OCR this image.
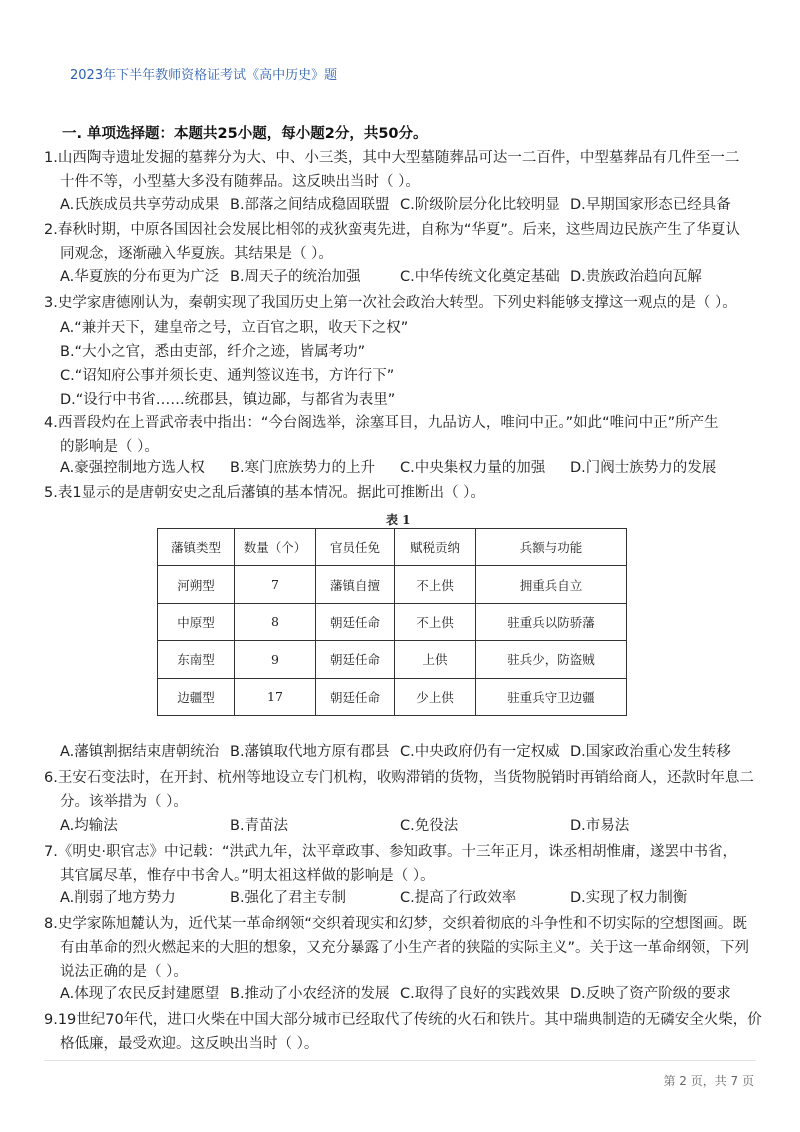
2023年下半年教师资格证考试《高中历史》题
一. 单项选择题：本题共25小题，每小题2分，共50分。

1.山西陶寺遗址发掘的墓葬分为大、中、小三类，其中大型墓随葬品可达一二百件，中型墓葬品有几件至一二

十件不等，小型墓大多没有随葬品。这反映出当时（ ）。

A.氏族成员共享劳动成果 B.部落之间结成稳固联盟 C.阶级阶层分化比较明显 D.早期国家形态已经具备

2.春秋时期，中原各国因社会发展比相邻的戎狄蛮夷先进，自称为“华夏”。后来，这些周边民族产生了华夏认

同观念，逐渐融入华夏族。其结果是（ ）。

A.华夏族的分布更为广泛 B.周天子的统治加强	C.中华传统文化奠定基础 D.贵族政治趋向瓦解

3.史学家唐德刚认为，秦朝实现了我国历史上第一次社会政治大转型。下列史料能够支撑这一观点的是（ ）。

A.“兼并天下，建皇帝之号，立百官之职，收天下之权”
B.“大小之官，悉由吏部，纤介之迹，皆属考功”
C.“诏知府公事并须长吏、通判签议连书，方许行下”
D.“设行中书省……统郡县，镇边鄙，与都省为表里”

4.西晋段灼在上晋武帝表中指出：“今台阁选举，涂塞耳目，九品访人，唯问中正。”如此“唯问中正”所产生

的影响是（ ）。

A.豪强控制地方选人权 B.寒门庶族势力的上升 C.中央集权力量的加强 D.门阀士族势力的发展

5.表1显示的是唐朝安史之乱后藩镇的基本情况。据此可推断出（ ）。

表 1
藩镇类型	数量（个）	官员任免	赋税贡纳	兵额与功能
河朔型	7	藩镇自擅	不上供	拥重兵自立
中原型	8	朝廷任命	不上供	驻重兵以防骄藩
东南型	9	朝廷任命	上供	驻兵少，防盗贼
边疆型	17	朝廷任命	少上供	驻重兵守卫边疆
A.藩镇割据结束唐朝统治 B.藩镇取代地方原有郡县 C.中央政府仍有一定权威 D.国家政治重心发生转移

6.王安石变法时，在开封、杭州等地设立专门机构，收购滞销的货物，当货物脱销时再销给商人，还款时年息二

分。该举措为（ ）。

A.均输法	B.青苗法	C.免役法	D.市易法

7.《明史·职官志》中记载：“洪武九年，汰平章政事、参知政事。十三年正月，诛丞相胡惟庸，遂罢中书省，

其官属尽革，惟存中书舍人。”明太祖这样做的影响是（ ）。

A.削弱了地方势力	B.强化了君主专制	C.提高了行政效率	D.实现了权力制衡

8.史学家陈旭麓认为，近代某一革命纲领“交织着现实和幻梦，交织着彻底的斗争性和不切实际的空想图画。既

有由革命的烈火燃起来的大胆的想象，又充分暴露了小生产者的狭隘的实际主义”。关于这一革命纲领，下列

说法正确的是（ ）。

A.体现了农民反封建愿望 B.推动了小农经济的发展 C.取得了良好的实践效果 D.反映了资产阶级的要求

9.19世纪70年代，进口火柴在中国大部分城市已经取代了传统的火石和铁片。其中瑞典制造的无磷安全火柴，价

格低廉，最受欢迎。这反映出当时（ ）。

第 2 页，共 7 页
